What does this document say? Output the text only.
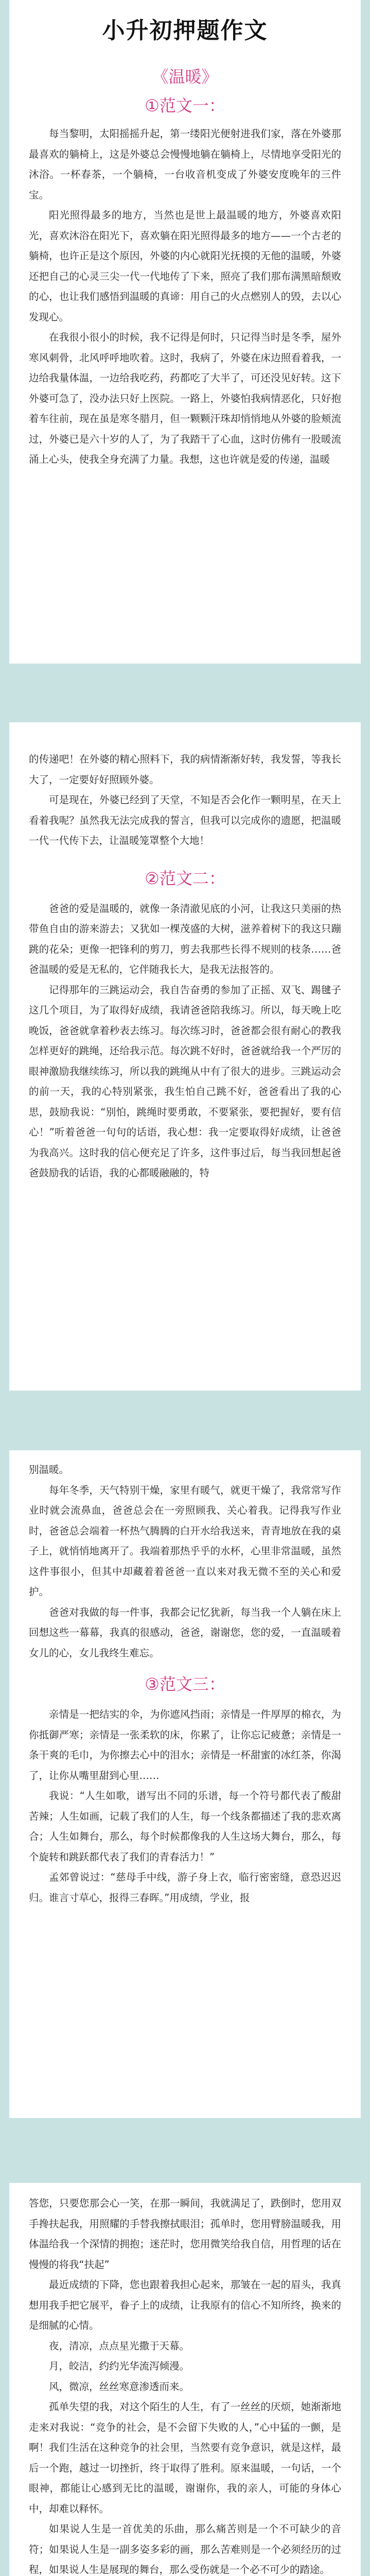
小升初押题作文
《温暖》
①范文一：

每当黎明，太阳摇摇升起，第一缕阳光便射进我们家，落在外婆那最喜欢的躺椅上，这是外婆总会慢慢地躺在躺椅上，尽情地享受阳光的沐浴。一杯春茶，一个躺椅，一台收音机变成了外婆安度晚年的三件宝。

阳光照得最多的地方，当然也是世上最温暖的地方，外婆喜欢阳光，喜欢沐浴在阳光下，喜欢躺在阳光照得最多的地方——一个古老的躺椅，也许正是这个原因，外婆的内心就阳光抚摸的无他的温暖，外婆还把自己的心灵三尖一代一代地传了下来，照亮了我们那布满黑暗颓败的心，也让我们感悟到温暖的真谛：用自己的火点燃别人的毁，去以心发现心。

在我很小很小的时候，我不记得是何时，只记得当时是冬季，屋外寒风刺骨，北风呼呼地吹着。这时，我病了，外婆在床边照看着我，一边给我量体温，一边给我吃药，药都吃了大半了，可还没见好转。这下外婆可急了，没办法只好上医院。一路上，外婆怕我病情恶化，只好抱着车往前，现在虽是寒冬腊月，但一颗颗汗珠却悄悄地从外婆的脸颊流过，外婆已是六十岁的人了，为了我踏干了心血，这时仿佛有一股暖流涌上心头，使我全身充满了力量。我想，这也许就是爱的传递，温暖

的传递吧！在外婆的精心照料下，我的病情渐渐好转，我发誓，等我长大了，一定要好好照顾外婆。

可是现在，外婆已经到了天堂，不知是否会化作一颗明星，在天上看着我呢？虽然我无法完成我的誓言，但我可以完成你的遗愿，把温暖一代一代传下去，让温暖笼罩整个大地！

②范文二：

爸爸的爱是温暖的，就像一条清澈见底的小河，让我这只美丽的热带鱼自由的游来游去；又犹如一棵茂盛的大树，滋养着树下的我这只蹦跳的花朵；更像一把锋利的剪刀，剪去我那些长得不规则的枝条……爸爸温暖的爱是无私的，它伴随我长大，是我无法报答的。

记得那年的三跳运动会，我自告奋勇的参加了正摇、双飞、踢毽子这几个项目，为了取得好成绩，我请爸爸陪我练习。所以，每天晚上吃晚饭，爸爸就拿着秒表去练习。每次练习时，爸爸都会很有耐心的教我怎样更好的跳绳，还给我示范。每次跳不好时，爸爸就给我一个严厉的眼神激励我继续练习，所以我的跳绳从中有了很大的进步。三跳运动会的前一天，我的心特别紧张，我生怕自己跳不好，爸爸看出了我的心思，鼓励我说：“别怕，跳绳时要勇敢，不要紧张，要把握好，要有信心！”听着爸爸一句句的话语，我心想：我一定要取得好成绩，让爸爸为我高兴。这时我的信心便充足了许多，这件事过后，每当我回想起爸爸鼓励我的话语，我的心都暖融融的，特

别温暖。

每年冬季，天气特别干燥，家里有暖气，就更干燥了，我常常写作业时就会流鼻血，爸爸总会在一旁照顾我、关心着我。记得我写作业时，爸爸总会端着一杯热气腾腾的白开水给我送来，青青地放在我的桌子上，就悄悄地离开了。我端着那热乎乎的水杯，心里非常温暖，虽然这件事很小，但其中却藏着着爸爸一直以来对我无微不至的关心和爱护。

爸爸对我做的每一件事，我都会记忆犹新，每当我一个人躺在床上回想这些一幕幕，我真的很感动，爸爸，谢谢您，您的爱，一直温暖着女儿的心，女儿我终生难忘。

③范文三：

亲情是一把结实的伞，为你遮风挡雨；亲情是一件厚厚的棉衣，为你抵御严寒；亲情是一张柔软的床，你累了，让你忘记疲惫；亲情是一条干爽的毛巾，为你擦去心中的泪水；亲情是一杯甜蜜的冰红茶，你渴了，让你从嘴里甜到心里……

我说：“人生如歌，谱写出不同的乐谱，每一个符号都代表了酸甜苦辣；人生如画，记载了我们的人生，每一个线条都描述了我的悲欢离合；人生如舞台，那么，每个时候都像我的人生这场大舞台，那么，每个旋转和跳跃都代表了我们的青春活力！”

孟郊曾说过：“慈母手中线，游子身上衣，临行密密缝，意恐迟迟归。谁言寸草心，报得三春晖。”用成绩，学业，报

答您，只要您那会心一笑，在那一瞬间，我就满足了，跌倒时，您用双手搀扶起我，用照耀的手替我擦拭眼泪；孤单时，您用臂膀温暖我，用体温给我一个深情的拥抱；迷茫时，您用微笑给我自信，用哲理的话在慢慢的将我“扶起”

最近成绩的下降，您也跟着我担心起来，那皱在一起的眉头，我真想用我手把它展平，眷子上的成绩，让我原有的信心不知所终，换来的是细腻的心情。

夜，清凉，点点星光撒于天幕。

月，皎洁，约约光华流泻倾漫。

风，微凉，丝丝寒意渗透而来。

孤单失望的我，对这个陌生的人生，有了一丝丝的厌烦，她渐渐地走来对我说：“竞争的社会，是不会留下失败的人，”心中猛的一颤，是啊！我们生活在这种竞争的社会里，当然要有竞争意识，就是这样，最后一个跑，越过一切挫折，终于取得了胜利。原来温暖，一句话，一个眼神，都能让心感到无比的温暖，谢谢你，我的亲人，可能的身体心中，却难以释怀。

如果说人生是一首优美的乐曲，那么痛苦则是一个不可缺少的音符；如果说人生是一副多姿多彩的画，那么苦难则是一个必须经历的过程，如果说人生是展现的舞台，那么受伤就是一个必不可少的踏途。
